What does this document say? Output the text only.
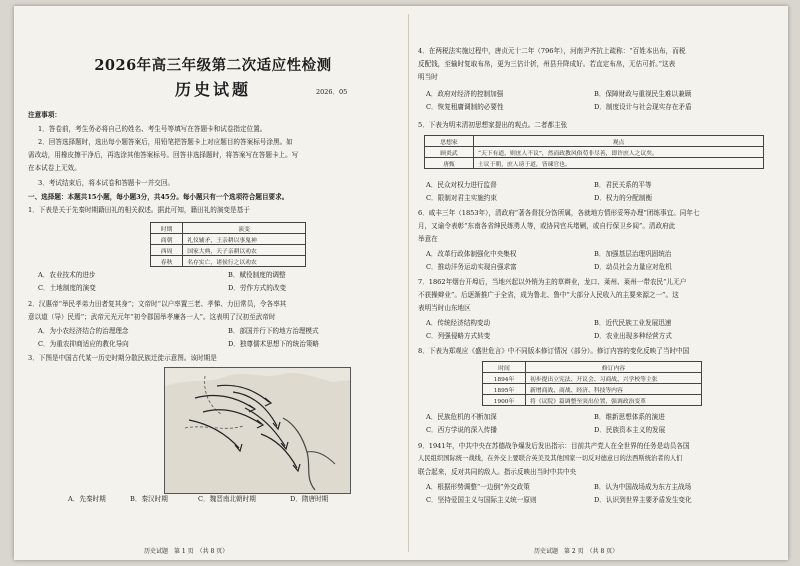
2026年高三年级第二次适应性检测
历史试题	2026．05
注意事项：
1．答卷前，考生务必将自己的姓名、考生号等填写在答题卡和试卷指定位置。
2．回答选择题时，选出每小题答案后，用铅笔把答题卡上对应题目的答案标号涂黑。如
需改动，用橡皮擦干净后，再选涂其他答案标号。回答非选择题时，将答案写在答题卡上。写
在本试卷上无效。
3．考试结束后，将本试卷和答题卡一并交回。
一、选择题：本题共15小题，每小题3分，共45分。每小题只有一个选项符合题目要求。
1．下表是关于先秦时期籍田礼的相关叙述。据此可知，籍田礼的演变是基于
时期	演变
商朝	礼仪辅矛，王亲耕以事鬼神
西周	国家大典，天子亲耕以劝农
春秋	名存实亡，诸侯行之以劝农
A．农业技术的进步	B．赋役制度的调整
C．土地制度的演变	D．劳作方式的改变
2．汉惠帝“举民孝弟力田者复其身”；文帝时“以户率置三老、孝悌、力田常员，令各率其
意以道（导）民焉”；武帝元光元年“初令郡国举孝廉各一人”。这表明了汉初至武帝时
A．为小农经济结合的治理理念	B．部国并行下的地方治理模式
C．为重农抑商适应的教化导向	D．独尊儒术思想下的统治策略
3．下图是中国古代某一历史时期分散民族迁徙示意图。该时期是
A．先秦时期	B．秦汉时期	C．魏晋南北朝时期	D．隋唐时期
历史试题　第 1 页　（共 8 页）
4．在两税法实施过程中，唐贞元十二年（796年），河南尹齐抗上疏称：“百姓本出布，而税
反配钱，至输时复取布帛，更为三估计折，州县升降成好。若直定布帛，无估可折。”这表
明当时
A．政府对经济的控制加强	B．保障财政与重视民生难以兼顾
C．恢复租庸调制的必要性	D．制度设计与社会现实存在矛盾
5．下表为明末清初思想家提出的观点。二者都主张
思想家	观点
顾炎武	“天下有道，则庶人不议”，然而政教风俗苟非尽善，即许庶人之议矣。
唐甄	士议于朝，庶人谤于道，皆谏官也。
A．民众对权力进行监督	B．君民关系的平等
C．限制对君主实施约束	D．权力的分配制衡
6．咸丰三年（1853年），清政府“著各督抚分饬所属，各就地方情形妥筹办理”团练事宜。同年七
月，又谕令表彰“东南各省绅民练勇人等，或协同官兵堵剿，或自行保卫乡闾”。清政府此
举意在
A．改革行政体制强化中央集权	B．加强基层治理巩固统治
C．推动洋务运动实现自强求富	D．动员社会力量应对危机
7．1862年烟台开埠后，当地兴起以外销为主的草辫业，龙口、莱州、莱州一带农民“儿无户
不获操辫业”。后逐渐推广于全省，成为鲁北、鲁中“大部分人民收入的主要来源之一”。这
表明当时山东地区
A．传统经济结构变动	B．近代民族工业发展迅速
C．列强侵略方式转变	D．农业出现多种经营方式
8．下表为郑观应《盛世危言》中不同版本修订情况（部分）。修订内容的变化反映了当时中国
时间	修订内容
1894年	初步提出立宪法、开议会、习商战、兴学校等主张
1895年	新增商战、商战、经济、科技等内容
1900年	将《议院》篇调整至突出位置，强调政治变革
A．民族危机的不断加深	B．维新思想体系的演进
C．西方学说的深入传播	D．民族资本主义的发展
9．1941年，中共中央在苏德战争爆发后发出指示：目前共产党人在全世界的任务是动员各国
人民组织国际统一战线，在外交上要联合英美及其他国家一切反对德意日的法西斯统治者的人们
联合起来，反对共同的敌人。指示反映出当时中共中央
A．根据形势调整“一边倒”外交政策	B．认为中国战场成为东方主战场
C．坚持爱国主义与国际主义统一原则	D．认识到世界主要矛盾发生变化
历史试题　第 2 页　（共 8 页）
